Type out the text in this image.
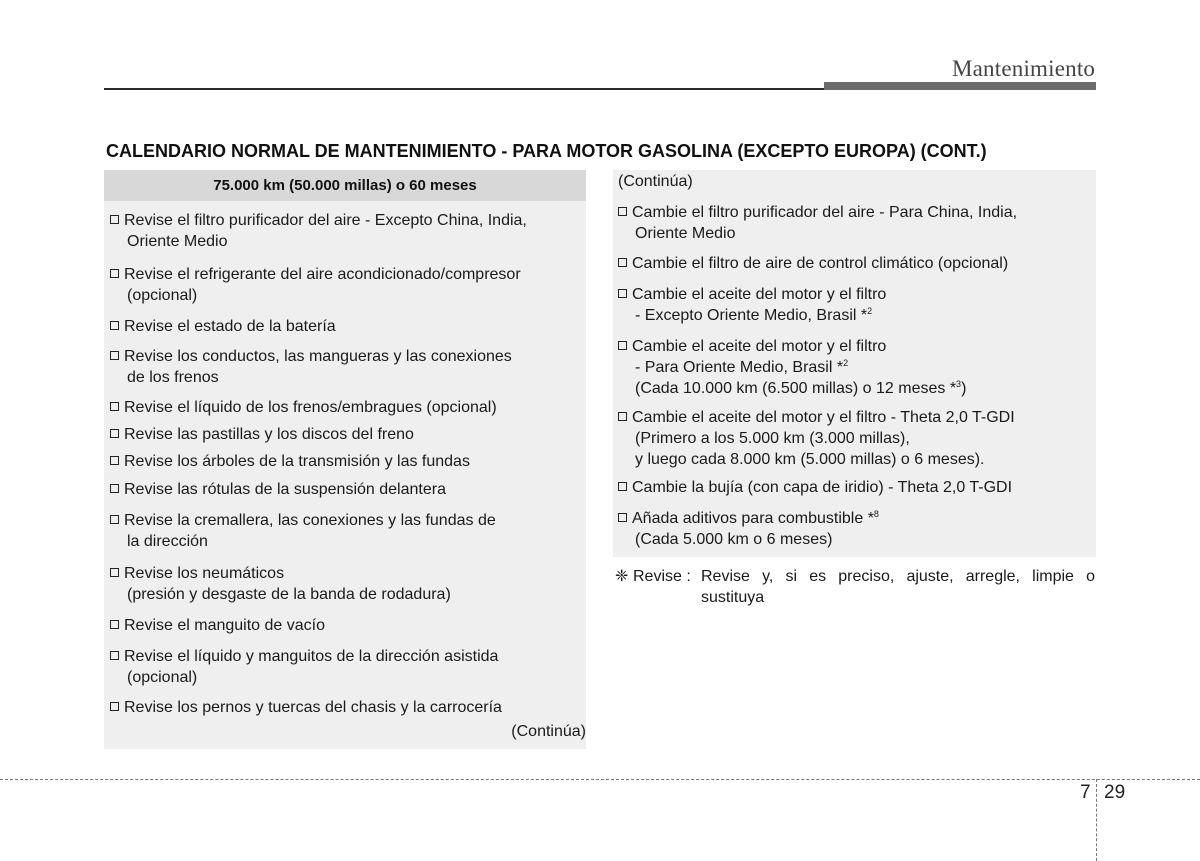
Mantenimiento
CALENDARIO NORMAL DE MANTENIMIENTO - PARA MOTOR GASOLINA (EXCEPTO EUROPA) (CONT.)
75.000 km (50.000 millas) o 60 meses
Revise el filtro purificador del aire - Excepto China, India,
Oriente Medio
Revise el refrigerante del aire acondicionado/compresor
(opcional)
Revise el estado de la batería
Revise los conductos, las mangueras y las conexiones
de los frenos
Revise el líquido de los frenos/embragues (opcional)
Revise las pastillas y los discos del freno
Revise los árboles de la transmisión y las fundas
Revise las rótulas de la suspensión delantera
Revise la cremallera, las conexiones y las fundas de
la dirección
Revise los neumáticos
(presión y desgaste de la banda de rodadura)
Revise el manguito de vacío
Revise el líquido y manguitos de la dirección asistida
(opcional)
Revise los pernos y tuercas del chasis y la carrocería
(Continúa)
(Continúa)
Cambie el filtro purificador del aire - Para China, India,
Oriente Medio
Cambie el filtro de aire de control climático (opcional)
Cambie el aceite del motor y el filtro
- Excepto Oriente Medio, Brasil *$^2$
Cambie el aceite del motor y el filtro
- Para Oriente Medio, Brasil *$^2$
(Cada 10.000 km (6.500 millas) o 12 meses *$^3$)
Cambie el aceite del motor y el filtro - Theta 2,0 T-GDI
(Primero a los 5.000 km (3.000 millas),
y luego cada 8.000 km (5.000 millas) o 6 meses).
Cambie la bujía (con capa de iridio) - Theta 2,0 T-GDI
Añada aditivos para combustible *$^8$
(Cada 5.000 km o 6 meses)
❈ Revise : Revise y, si es preciso, ajuste, arregle, limpie o sustituya
7 29
